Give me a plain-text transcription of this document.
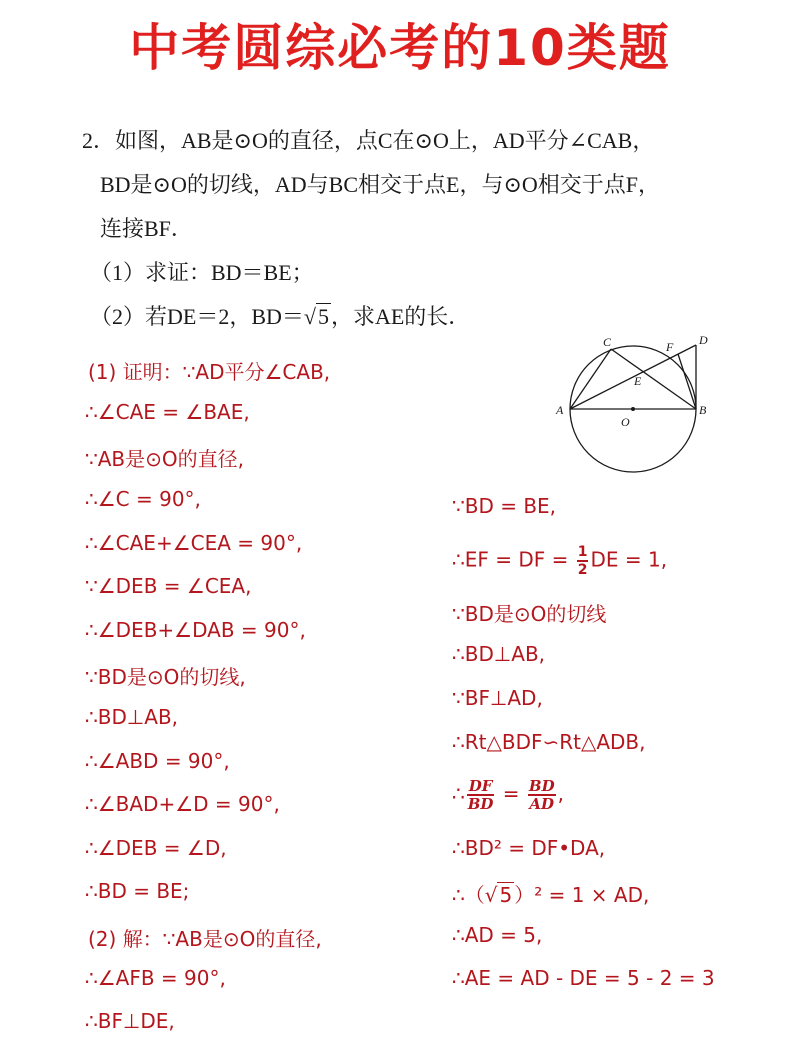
中考圆综必考的10类题
2．如图，AB是⊙O的直径，点C在⊙O上，AD平分∠CAB，
BD是⊙O的切线，AD与BC相交于点E，与⊙O相交于点F，
连接BF．
（1）求证：BD＝BE；
（2）若DE＝2，BD＝√5，求AE的长．
A	B
C	D
E
F
O
(1) 证明：∵AD平分∠CAB,
∴∠CAE = ∠BAE,
∵AB是⊙O的直径,
∴∠C = 90°,
∴∠CAE+∠CEA = 90°,
∵∠DEB = ∠CEA,
∴∠DEB+∠DAB = 90°,
∵BD是⊙O的切线,
∴BD⊥AB,
∴∠ABD = 90°,
∴∠BAD+∠D = 90°,
∴∠DEB = ∠D,
∴BD = BE;
(2) 解：∵AB是⊙O的直径,
∴∠AFB = 90°,
∴BF⊥DE,
∵BD = BE,
∴EF = DF = $\frac{1}{2}$ DE = 1,
∵BD是⊙O的切线
∴BD⊥AB,
∵BF⊥AD,
∴Rt△BDF∽Rt△ADB,
∴ $\frac{DF}{BD} = \frac{BD}{AD}$ ,
∴BD² = DF•DA,
∴（√ 5 ）² = 1 × AD,
∴AD = 5,
∴AE = AD - DE = 5 - 2 = 3
